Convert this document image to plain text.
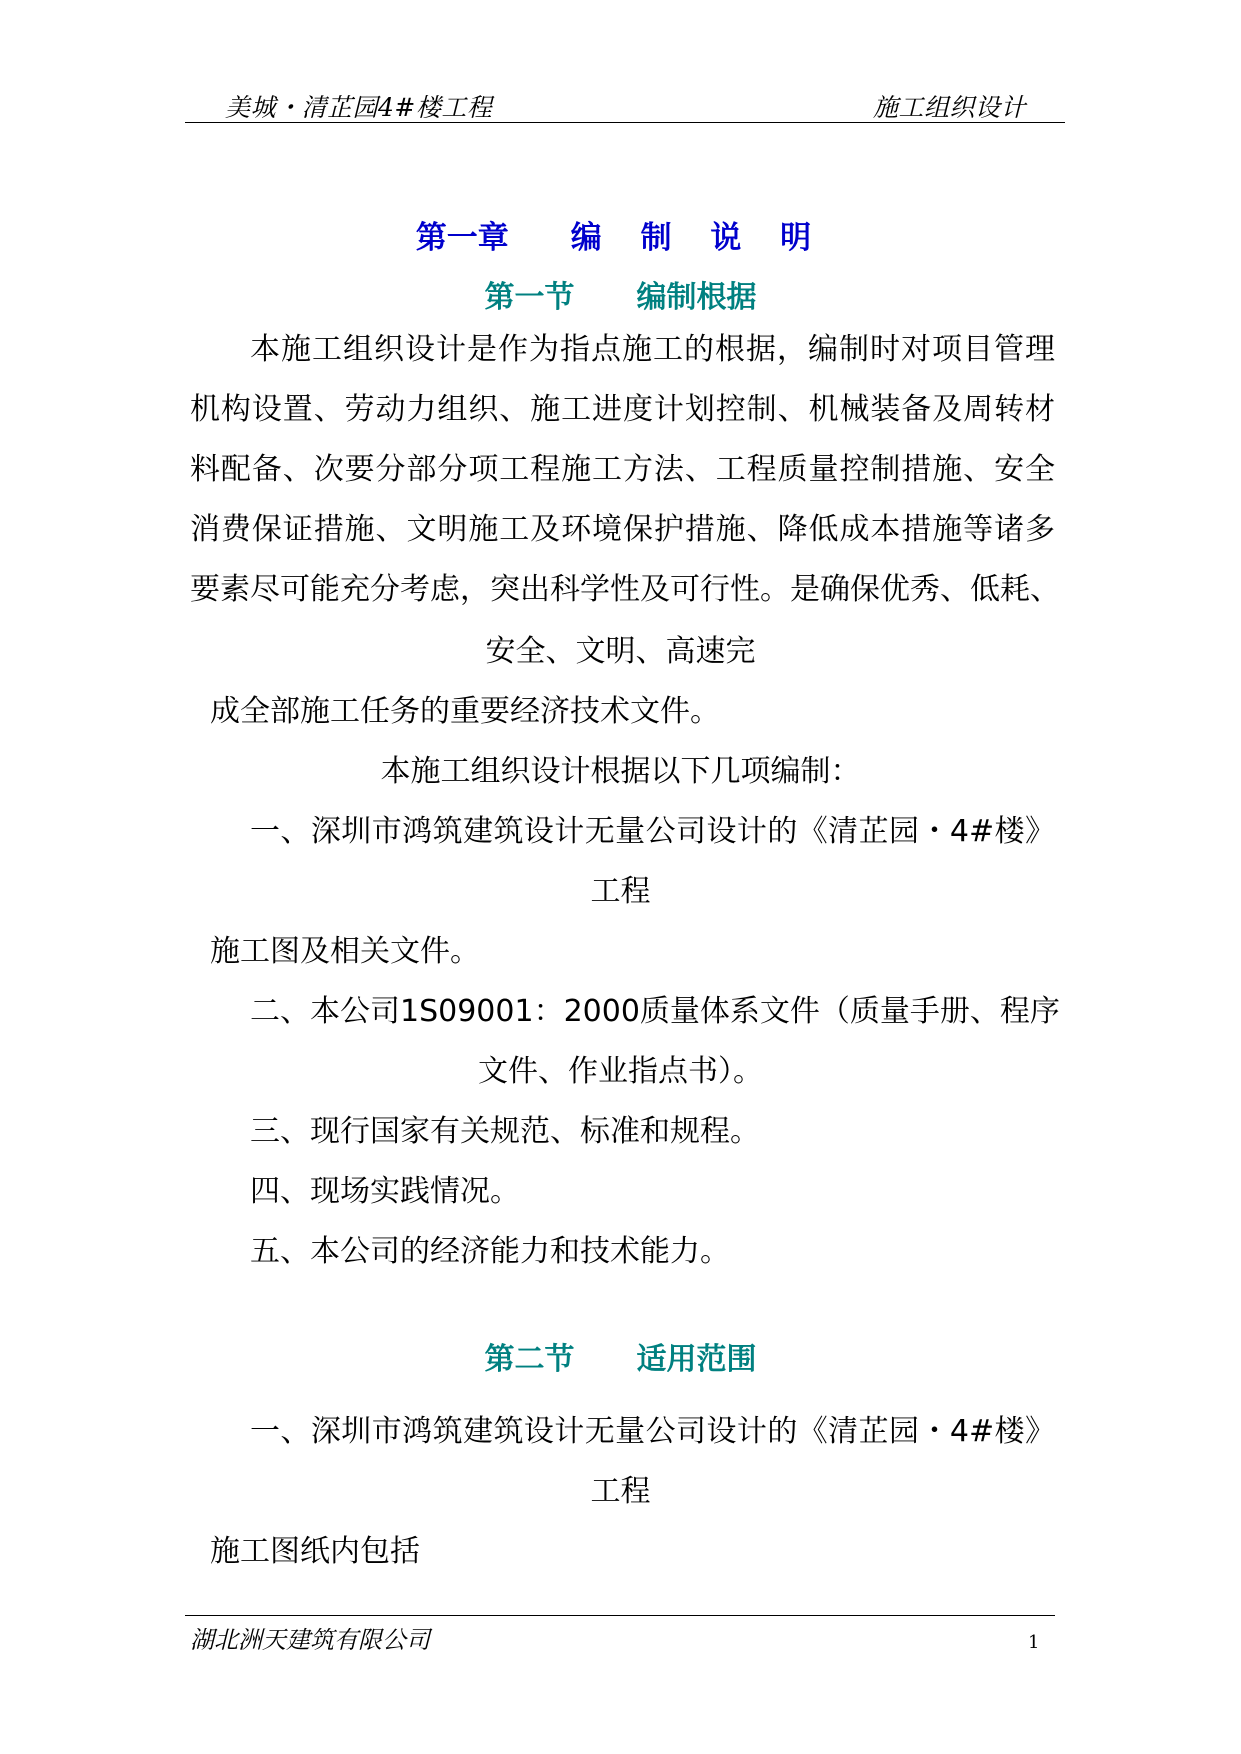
美城・清芷园4#楼工程	施工组织设计
第一章 编 制 说 明
第一节 编制根据
本施工组织设计是作为指点施工的根据，编制时对项目管理
机构设置、劳动力组织、施工进度计划控制、机械装备及周转材
料配备、次要分部分项工程施工方法、工程质量控制措施、安全
消费保证措施、文明施工及环境保护措施、降低成本措施等诸多
要素尽可能充分考虑，突出科学性及可行性。是确保优秀、低耗、
安全、文明、高速完
成全部施工任务的重要经济技术文件。
本施工组织设计根据以下几项编制：
一、深圳市鸿筑建筑设计无量公司设计的《清芷园・4#楼》
工程
施工图及相关文件。
二、本公司1S09001：2000质量体系文件（质量手册、程序
文件、作业指点书）。
三、现行国家有关规范、标准和规程。
四、现场实践情况。
五、本公司的经济能力和技术能力。
第二节 适用范围
一、深圳市鸿筑建筑设计无量公司设计的《清芷园・4#楼》
工程
施工图纸内包括
湖北洲天建筑有限公司	1
